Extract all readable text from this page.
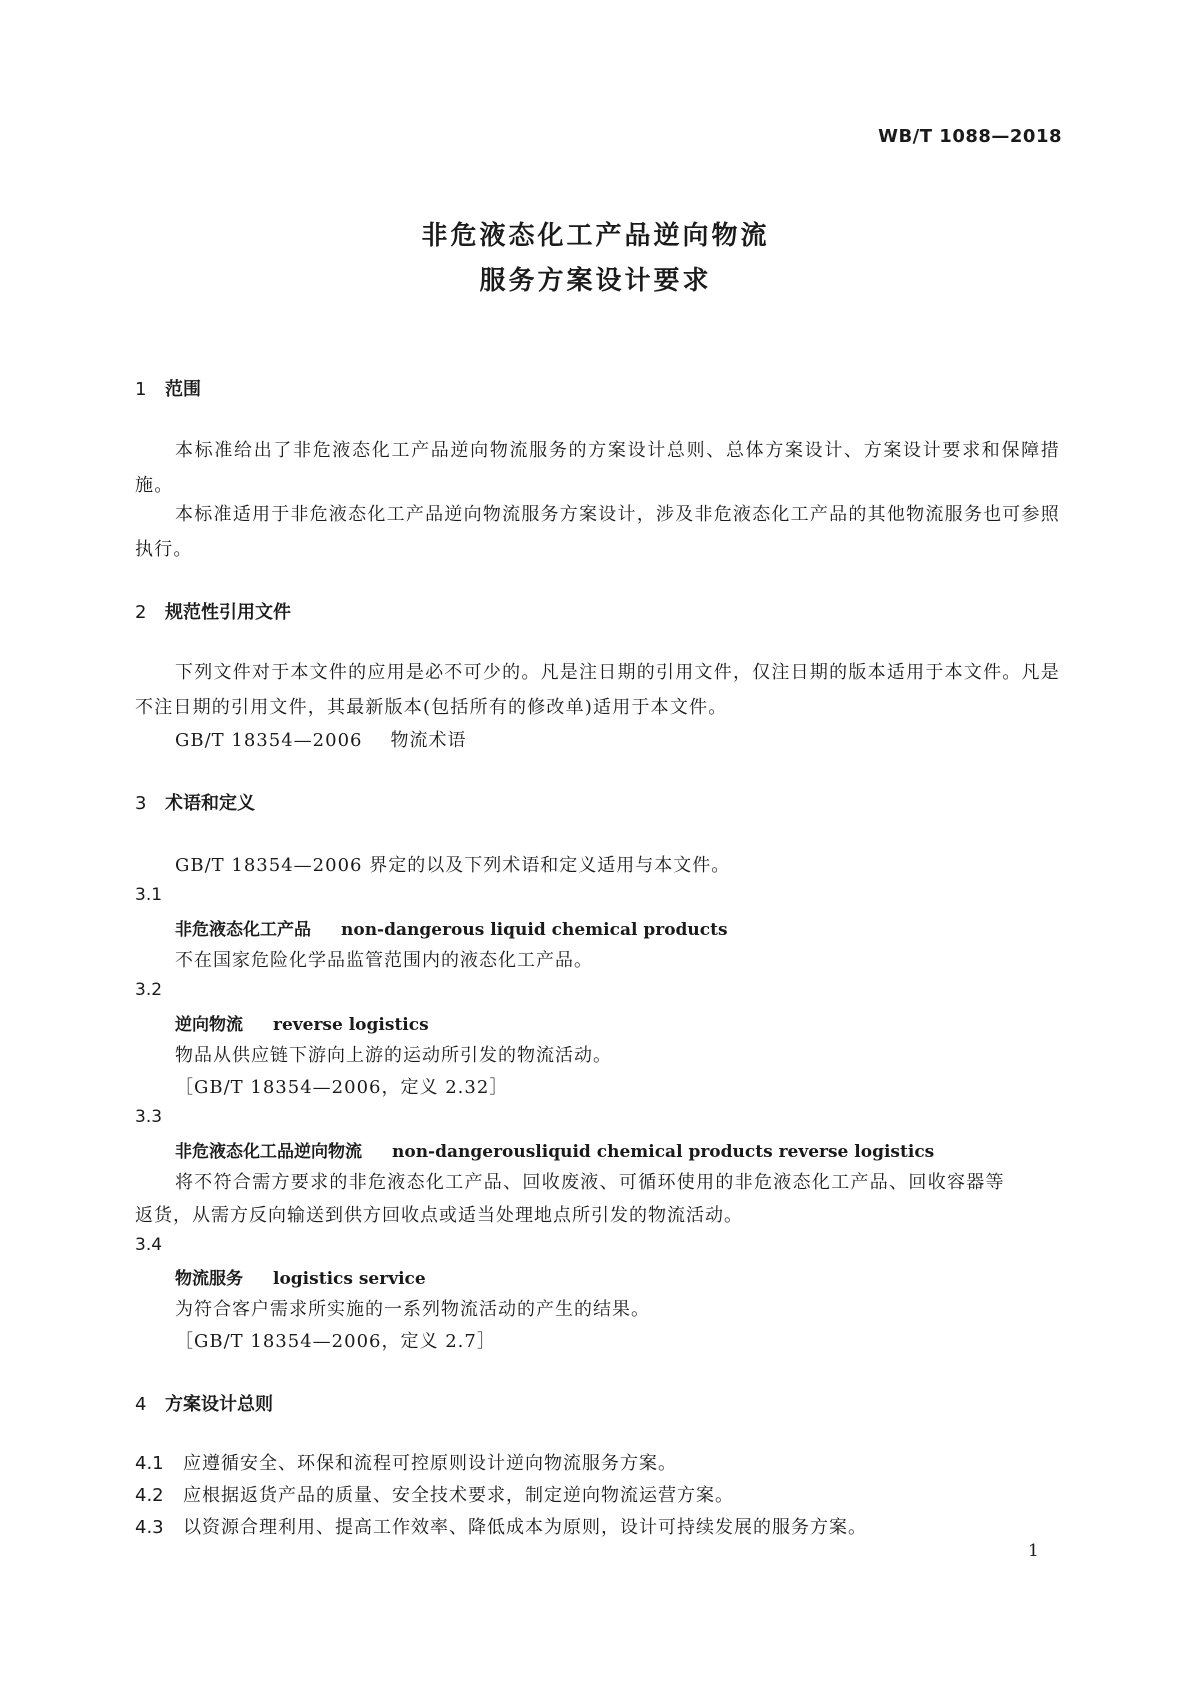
WB/T 1088—2018
非危液态化工产品逆向物流
服务方案设计要求
1 范围
本标准给出了非危液态化工产品逆向物流服务的方案设计总则、总体方案设计、方案设计要求和保障措施。
本标准适用于非危液态化工产品逆向物流服务方案设计，涉及非危液态化工产品的其他物流服务也可参照执行。
2 规范性引用文件
下列文件对于本文件的应用是必不可少的。凡是注日期的引用文件，仅注日期的版本适用于本文件。凡是不注日期的引用文件，其最新版本(包括所有的修改单)适用于本文件。
GB/T 18354—2006 物流术语
3 术语和定义
GB/T 18354—2006 界定的以及下列术语和定义适用与本文件。
3.1
非危液态化工产品 non-dangerous liquid chemical products
不在国家危险化学品监管范围内的液态化工产品。
3.2
逆向物流 reverse logistics
物品从供应链下游向上游的运动所引发的物流活动。
［GB/T 18354—2006，定义 2.32］
3.3
非危液态化工品逆向物流 non-dangerousliquid chemical products reverse logistics
将不符合需方要求的非危液态化工产品、回收废液、可循环使用的非危液态化工产品、回收容器等
返货，从需方反向输送到供方回收点或适当处理地点所引发的物流活动。
3.4
物流服务 logistics service
为符合客户需求所实施的一系列物流活动的产生的结果。
［GB/T 18354—2006，定义 2.7］
4 方案设计总则
4.1 应遵循安全、环保和流程可控原则设计逆向物流服务方案。
4.2 应根据返货产品的质量、安全技术要求，制定逆向物流运营方案。
4.3 以资源合理利用、提高工作效率、降低成本为原则，设计可持续发展的服务方案。
1
